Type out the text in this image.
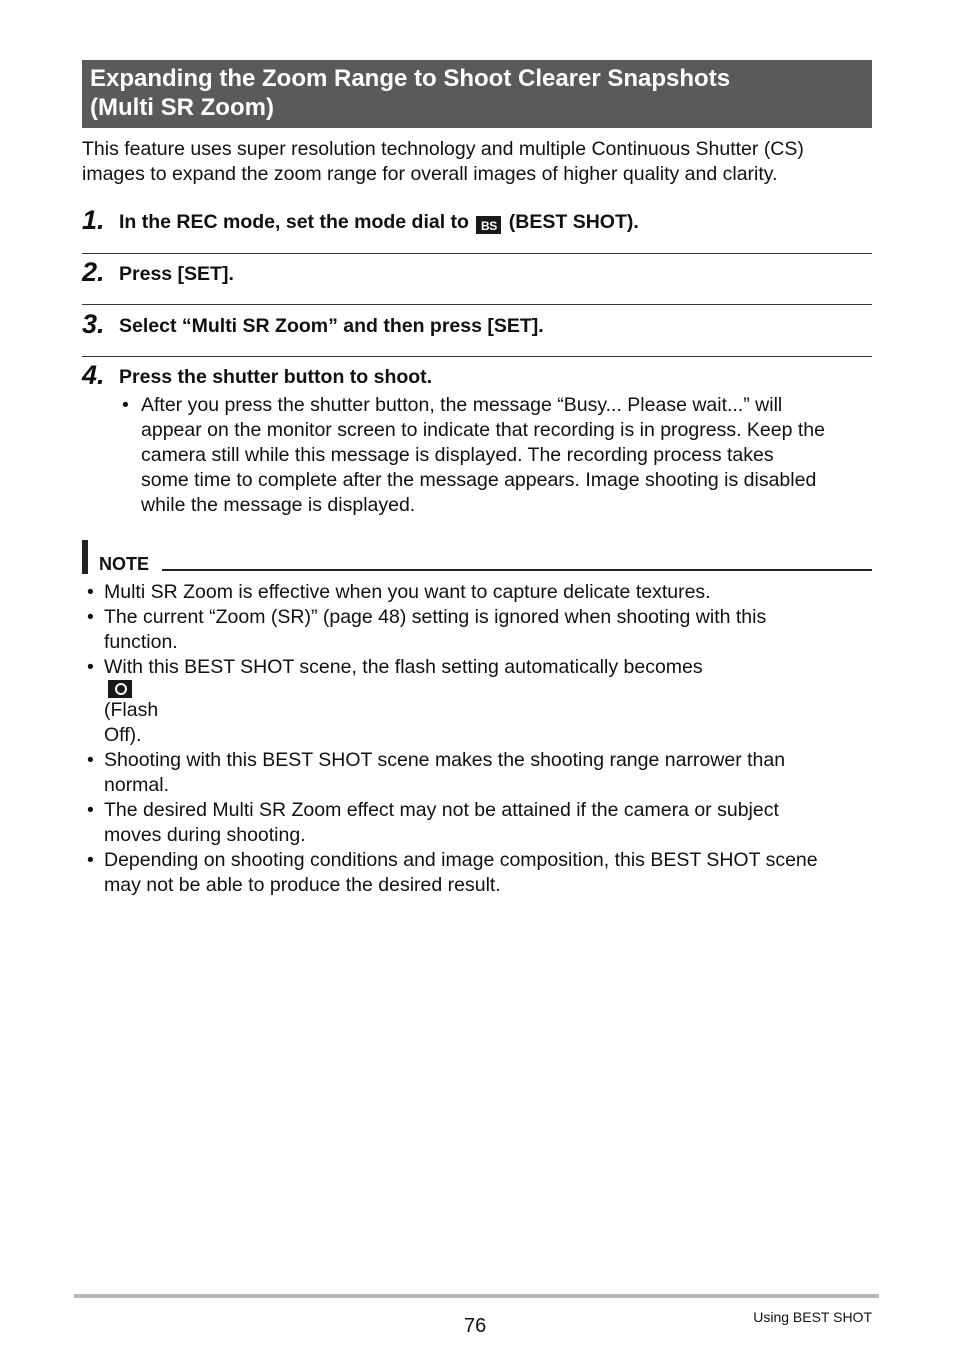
Expanding the Zoom Range to Shoot Clearer Snapshots
(Multi SR Zoom)
This feature uses super resolution technology and multiple Continuous Shutter (CS)
images to expand the zoom range for overall images of higher quality and clarity.
1. In the REC mode, set the mode dial to BS (BEST SHOT).
2. Press [SET].
3. Select “Multi SR Zoom” and then press [SET].
4. Press the shutter button to shoot.
• After you press the shutter button, the message “Busy... Please wait...” will
appear on the monitor screen to indicate that recording is in progress. Keep the
camera still while this message is displayed. The recording process takes
some time to complete after the message appears. Image shooting is disabled
while the message is displayed.
NOTE
• Multi SR Zoom is effective when you want to capture delicate textures.
• The current “Zoom (SR)” (page 48) setting is ignored when shooting with this
function.
• With this BEST SHOT scene, the flash setting automatically becomes
(Flash
Off).
• Shooting with this BEST SHOT scene makes the shooting range narrower than
normal.
• The desired Multi SR Zoom effect may not be attained if the camera or subject
moves during shooting.
• Depending on shooting conditions and image composition, this BEST SHOT scene
may not be able to produce the desired result.
76	Using BEST SHOT
